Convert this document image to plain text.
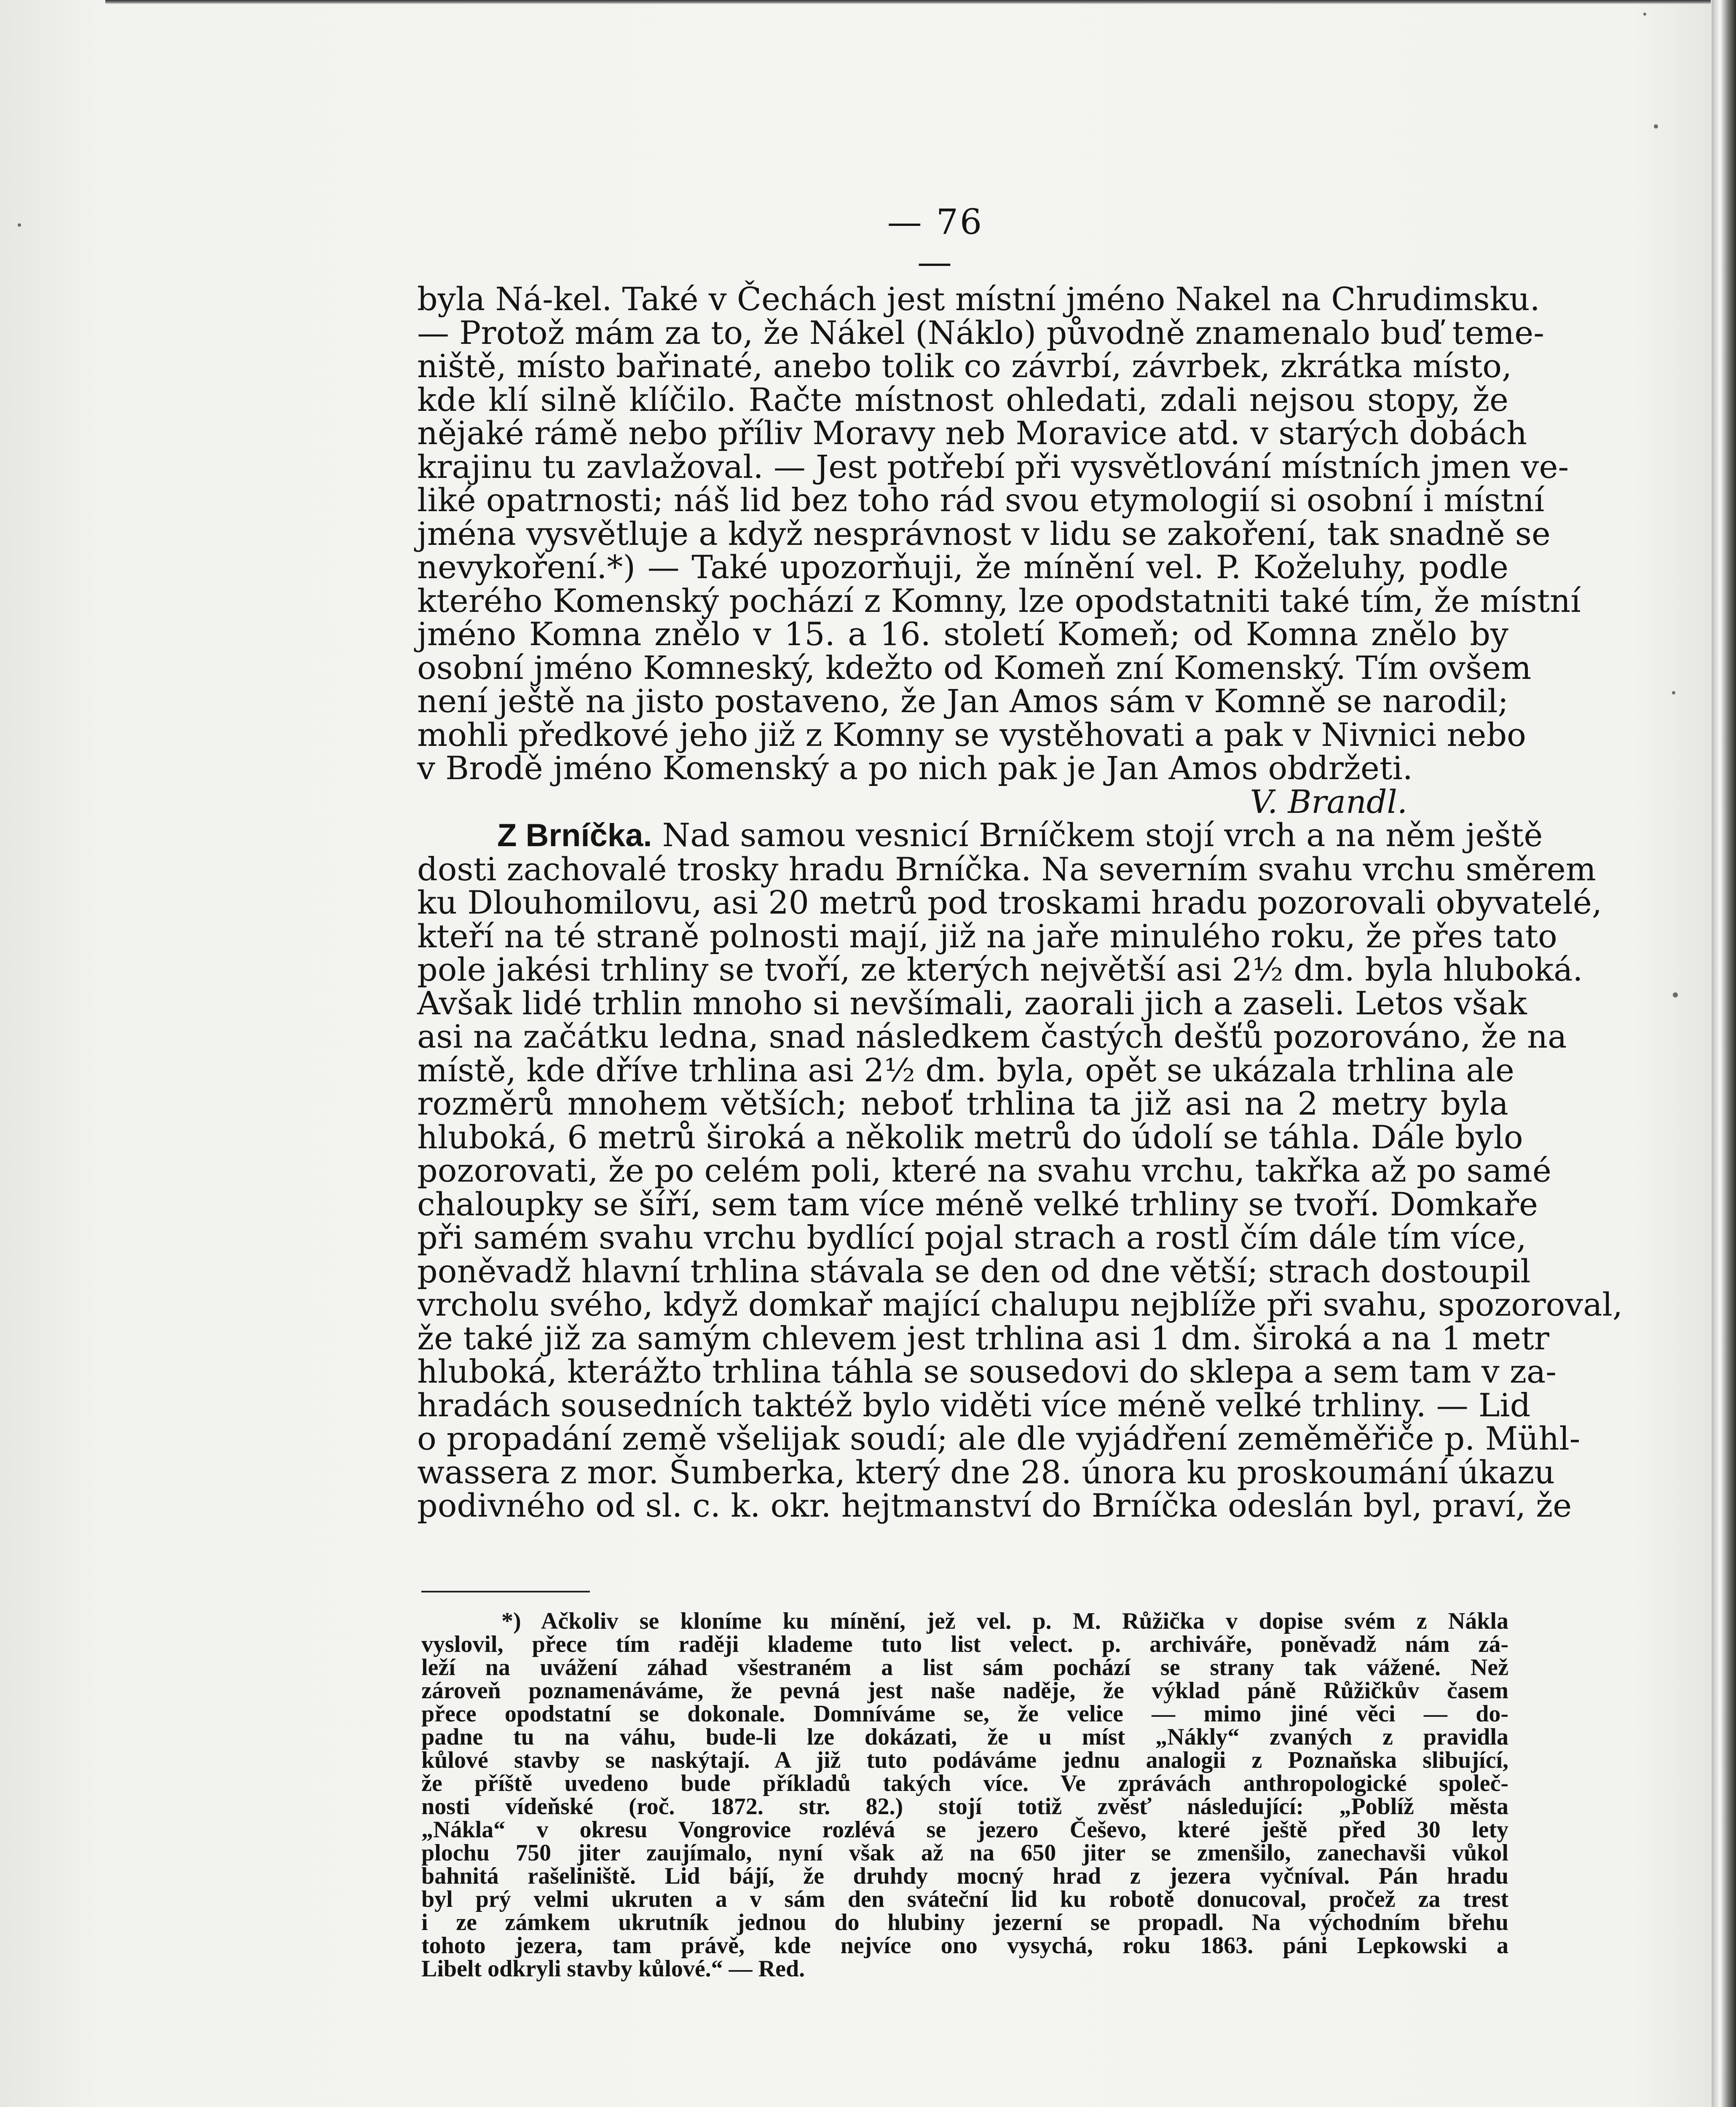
— 76 —
byla Ná-kel. Také v Čechách jest místní jméno Nakel na Chrudimsku.
— Protož mám za to, že Nákel (Náklo) původně znamenalo buď teme-
niště, místo bařinaté, anebo tolik co závrbí, závrbek, zkrátka místo,
kde klí silně klíčilo. Račte místnost ohledati, zdali nejsou stopy, že
nějaké rámě nebo příliv Moravy neb Moravice atd. v starých dobách
krajinu tu zavlažoval. — Jest potřebí při vysvětlování místních jmen ve-
liké opatrnosti; náš lid bez toho rád svou etymologií si osobní i místní
jména vysvětluje a když nesprávnost v lidu se zakoření, tak snadně se
nevykoření.*) — Také upozorňuji, že mínění vel. P. Koželuhy, podle
kterého Komenský pochází z Komny, lze opodstatniti také tím, že místní
jméno Komna znělo v 15. a 16. století Komeň; od Komna znělo by
osobní jméno Komneský, kdežto od Komeň zní Komenský. Tím ovšem
není ještě na jisto postaveno, že Jan Amos sám v Komně se narodil;
mohli předkové jeho již z Komny se vystěhovati a pak v Nivnici nebo
v Brodě jméno Komenský a po nich pak je Jan Amos obdržeti.
V. Brandl.
Z Brníčka. Nad samou vesnicí Brníčkem stojí vrch a na něm ještě
dosti zachovalé trosky hradu Brníčka. Na severním svahu vrchu směrem
ku Dlouhomilovu, asi 20 metrů pod troskami hradu pozorovali obyvatelé,
kteří na té straně polnosti mají, již na jaře minulého roku, že přes tato
pole jakési trhliny se tvoří, ze kterých největší asi 2½ dm. byla hluboká.
Avšak lidé trhlin mnoho si nevšímali, zaorali jich a zaseli. Letos však
asi na začátku ledna, snad následkem častých dešťů pozorováno, že na
místě, kde dříve trhlina asi 2½ dm. byla, opět se ukázala trhlina ale
rozměrů mnohem větších; neboť trhlina ta již asi na 2 metry byla
hluboká, 6 metrů široká a několik metrů do údolí se táhla. Dále bylo
pozorovati, že po celém poli, které na svahu vrchu, takřka až po samé
chaloupky se šíří, sem tam více méně velké trhliny se tvoří. Domkaře
při samém svahu vrchu bydlící pojal strach a rostl čím dále tím více,
poněvadž hlavní trhlina stávala se den od dne větší; strach dostoupil
vrcholu svého, když domkař mající chalupu nejblíže při svahu, spozoroval,
že také již za samým chlevem jest trhlina asi 1 dm. široká a na 1 metr
hluboká, kterážto trhlina táhla se sousedovi do sklepa a sem tam v za-
hradách sousedních taktéž bylo viděti více méně velké trhliny. — Lid
o propadání země všelijak soudí; ale dle vyjádření zeměměřiče p. Mühl-
wassera z mor. Šumberka, který dne 28. února ku proskoumání úkazu
podivného od sl. c. k. okr. hejtmanství do Brníčka odeslán byl, praví, že
*) Ačkoliv se kloníme ku mínění, jež vel. p. M. Růžička v dopise svém z Nákla
vyslovil, přece tím raději klademe tuto list velect. p. archiváře, poněvadž nám zá-
leží na uvážení záhad všestraném a list sám pochází se strany tak vážené. Než
zároveň poznamenáváme, že pevná jest naše naděje, že výklad páně Růžičkův časem
přece opodstatní se dokonale. Domníváme se, že velice — mimo jiné věci — do-
padne tu na váhu, bude-li lze dokázati, že u míst „Nákly“ zvaných z pravidla
kůlové stavby se naskýtají. A již tuto podáváme jednu analogii z Poznaňska slibující,
že příště uvedeno bude příkladů takých více. Ve zprávách anthropologické společ-
nosti vídeňské (roč. 1872. str. 82.) stojí totiž zvěsť následující: „Poblíž města
„Nákla“ v okresu Vongrovice rozlévá se jezero Češevo, které ještě před 30 lety
plochu 750 jiter zaujímalo, nyní však až na 650 jiter se zmenšilo, zanechavši vůkol
bahnitá rašeliniště. Lid bájí, že druhdy mocný hrad z jezera vyčníval. Pán hradu
byl prý velmi ukruten a v sám den sváteční lid ku robotě donucoval, pročež za trest
i ze zámkem ukrutník jednou do hlubiny jezerní se propadl. Na východním břehu
tohoto jezera, tam právě, kde nejvíce ono vysychá, roku 1863. páni Lepkowski a
Libelt odkryli stavby kůlové.“ — Red.
